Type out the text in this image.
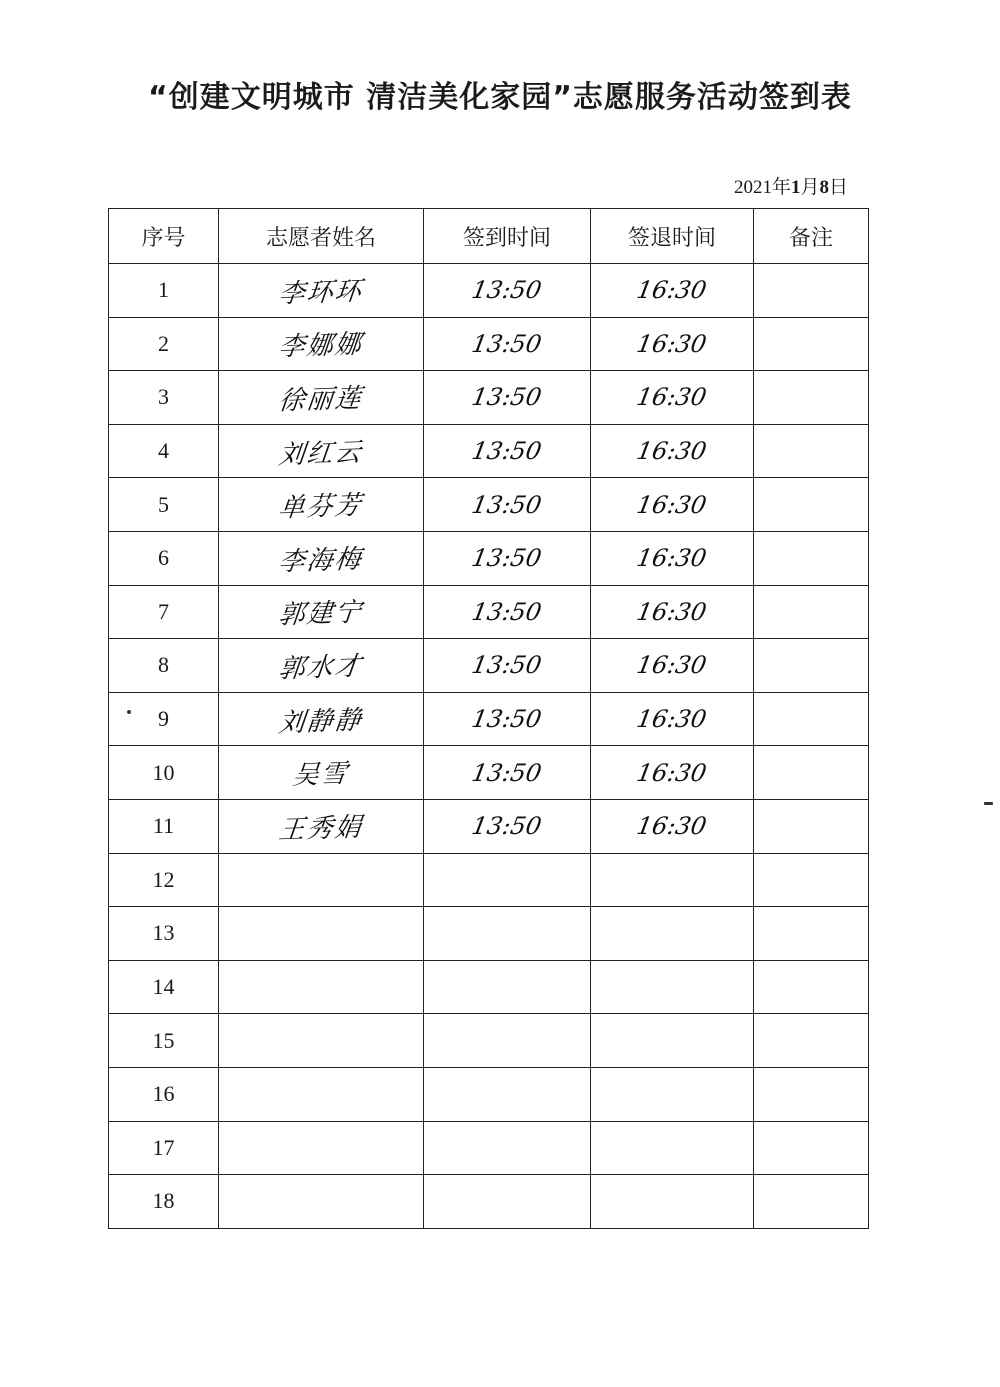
“创建文明城市 清洁美化家园”志愿服务活动签到表
2021年1月8日
序号	志愿者姓名	签到时间	签退时间	备注
1	李环环	13:50	16:30	
2	李娜娜	13:50	16:30	
3	徐丽莲	13:50	16:30	
4	刘红云	13:50	16:30	
5	单芬芳	13:50	16:30	
6	李海梅	13:50	16:30	
7	郭建宁	13:50	16:30	
8	郭水才	13:50	16:30	
9	刘静静	13:50	16:30	
10	吴雪	13:50	16:30	
11	王秀娟	13:50	16:30	
12				
13				
14				
15				
16				
17				
18				
